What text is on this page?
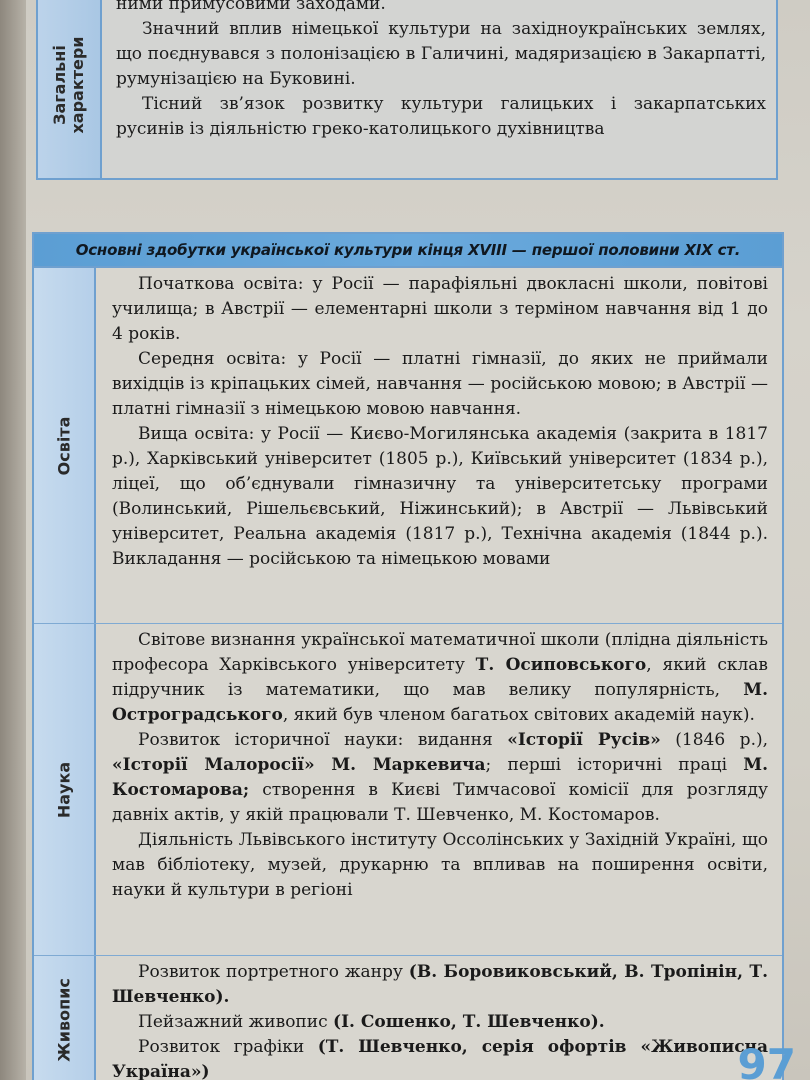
Загальні
характери

ними примусовими заходами.

Значний вплив німецької культури на західноукраїнських землях, що поєднувався з полонізацією в Галичині, мадяризацією в Закарпатті, румунізацією на Буковині.

Тісний зв’язок розвитку культури галицьких і закарпатських русинів із діяльністю греко-католицького духівництва

Основні здобутки української культури кінця XVIII — першої половини XIX ст.
Освіта

Початкова освіта: у Росії — парафіяльні двокласні школи, повітові училища; в Австрії — елементарні школи з терміном навчання від 1 до 4 років.

Середня освіта: у Росії — платні гімназії, до яких не приймали вихідців із кріпацьких сімей, навчання — російською мовою; в Австрії — платні гімназії з німецькою мовою навчання.

Вища освіта: у Росії — Києво-Могилянська академія (закрита в 1817 р.), Харківський університет (1805 р.), Київський університет (1834 р.), ліцеї, що об’єднували гімназичну та університетську програми (Волинський, Рішельєвський, Ніжинський); в Австрії — Львівський університет, Реальна академія (1817 р.), Технічна академія (1844 р.). Викладання — російською та німецькою мовами

Наука

Світове визнання української математичної школи (плідна діяльність професора Харківського університету Т. Осиповського, який склав підручник із математики, що мав велику популярність, М. Остроградського, який був членом багатьох світових академій наук).

Розвиток історичної науки: видання «Історії Русів» (1846 р.), «Історії Малоросії» М. Маркевича; перші історичні праці М. Костомарова; створення в Києві Тимчасової комісії для розгляду давніх актів, у якій працювали Т. Шевченко, М. Костомаров.

Діяльність Львівського інституту Оссолінських у Західній Україні, що мав бібліотеку, музей, друкарню та впливав на поширення освіти, науки й культури в регіоні

Живопис

Розвиток портретного жанру (В. Боровиковський, В. Тропінін, Т. Шевченко).

Пейзажний живопис (І. Сошенко, Т. Шевченко).

Розвиток графіки (Т. Шевченко, серія офортів «Живописна Україна»)	97
